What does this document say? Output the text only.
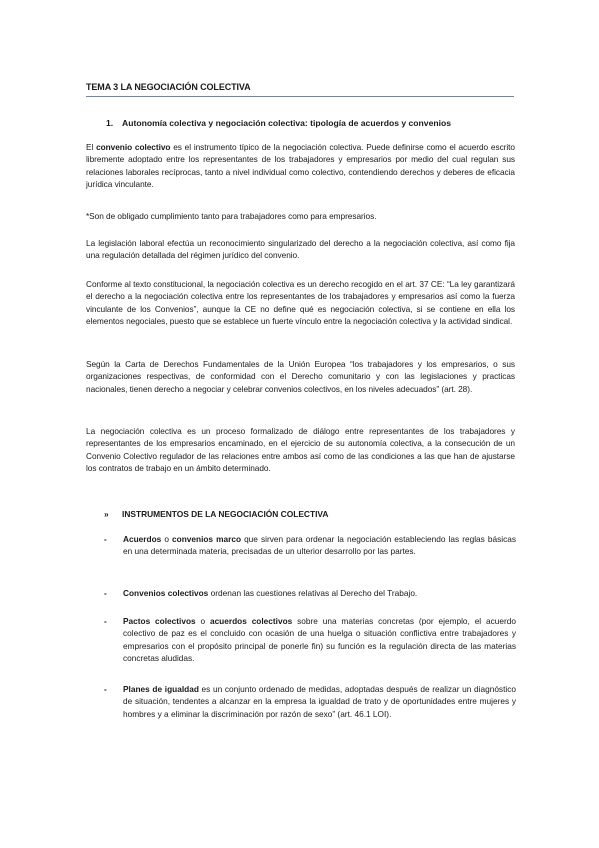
TEMA 3 LA NEGOCIACIÓN COLECTIVA
1. Autonomía colectiva y negociación colectiva: tipología de acuerdos y convenios
El convenio colectivo es el instrumento típico de la negociación colectiva. Puede definirse como el acuerdo escrito libremente adoptado entre los representantes de los trabajadores y empresarios por medio del cual regulan sus relaciones laborales recíprocas, tanto a nivel individual como colectivo, contendiendo derechos y deberes de eficacia jurídica vinculante.
*Son de obligado cumplimiento tanto para trabajadores como para empresarios.
La legislación laboral efectúa un reconocimiento singularizado del derecho a la negociación colectiva, así como fija una regulación detallada del régimen jurídico del convenio.
Conforme al texto constitucional, la negociación colectiva es un derecho recogido en el art. 37 CE: “La ley garantizará el derecho a la negociación colectiva entre los representantes de los trabajadores y empresarios así como la fuerza vinculante de los Convenios”, aunque la CE no define qué es negociación colectiva, si se contiene en ella los elementos negociales, puesto que se establece un fuerte vínculo entre la negociación colectiva y la actividad sindical.
Según la Carta de Derechos Fundamentales de la Unión Europea “los trabajadores y los empresarios, o sus organizaciones respectivas, de conformidad con el Derecho comunitario y con las legislaciones y practicas nacionales, tienen derecho a negociar y celebrar convenios colectivos, en los niveles adecuados” (art. 28).
La negociación colectiva es un proceso formalizado de diálogo entre representantes de los trabajadores y representantes de los empresarios encaminado, en el ejercicio de su autonomía colectiva, a la consecución de un Convenio Colectivo regulador de las relaciones entre ambos así como de las condiciones a las que han de ajustarse los contratos de trabajo en un ámbito determinado.
» INSTRUMENTOS DE LA NEGOCIACIÓN COLECTIVA
-	Acuerdos o convenios marco que sirven para ordenar la negociación estableciendo las reglas básicas en una determinada materia, precisadas de un ulterior desarrollo por las partes.
-	Convenios colectivos ordenan las cuestiones relativas al Derecho del Trabajo.
-	Pactos colectivos o acuerdos colectivos sobre una materias concretas (por ejemplo, el acuerdo colectivo de paz es el concluido con ocasión de una huelga o situación conflictiva entre trabajadores y empresarios con el propósito principal de ponerle fin) su función es la regulación directa de las materias concretas aludidas.
-	Planes de igualdad es un conjunto ordenado de medidas, adoptadas después de realizar un diagnóstico de situación, tendentes a alcanzar en la empresa la igualdad de trato y de oportunidades entre mujeres y hombres y a eliminar la discriminación por razón de sexo” (art. 46.1 LOI).
